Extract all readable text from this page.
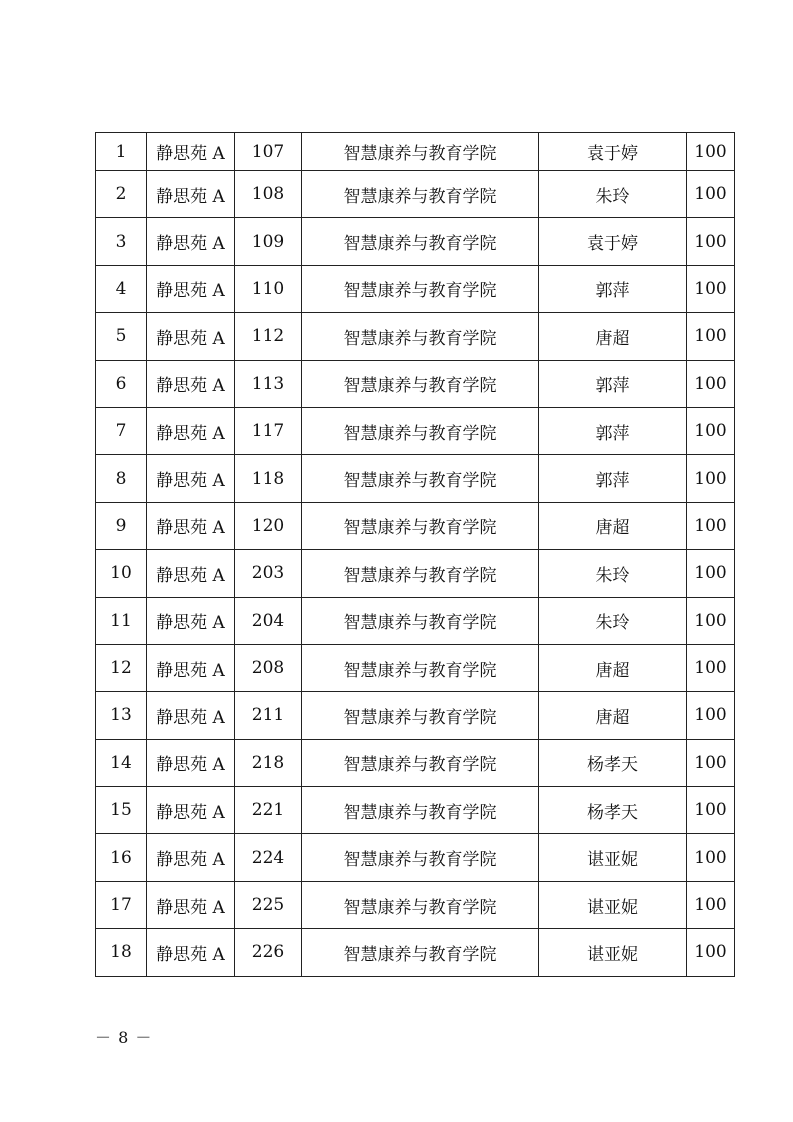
1	静思苑 A	107	智慧康养与教育学院	袁于婷	100
2	静思苑 A	108	智慧康养与教育学院	朱玲	100
3	静思苑 A	109	智慧康养与教育学院	袁于婷	100
4	静思苑 A	110	智慧康养与教育学院	郭萍	100
5	静思苑 A	112	智慧康养与教育学院	唐超	100
6	静思苑 A	113	智慧康养与教育学院	郭萍	100
7	静思苑 A	117	智慧康养与教育学院	郭萍	100
8	静思苑 A	118	智慧康养与教育学院	郭萍	100
9	静思苑 A	120	智慧康养与教育学院	唐超	100
10	静思苑 A	203	智慧康养与教育学院	朱玲	100
11	静思苑 A	204	智慧康养与教育学院	朱玲	100
12	静思苑 A	208	智慧康养与教育学院	唐超	100
13	静思苑 A	211	智慧康养与教育学院	唐超	100
14	静思苑 A	218	智慧康养与教育学院	杨孝天	100
15	静思苑 A	221	智慧康养与教育学院	杨孝天	100
16	静思苑 A	224	智慧康养与教育学院	谌亚妮	100
17	静思苑 A	225	智慧康养与教育学院	谌亚妮	100
18	静思苑 A	226	智慧康养与教育学院	谌亚妮	100
－ 8 －
